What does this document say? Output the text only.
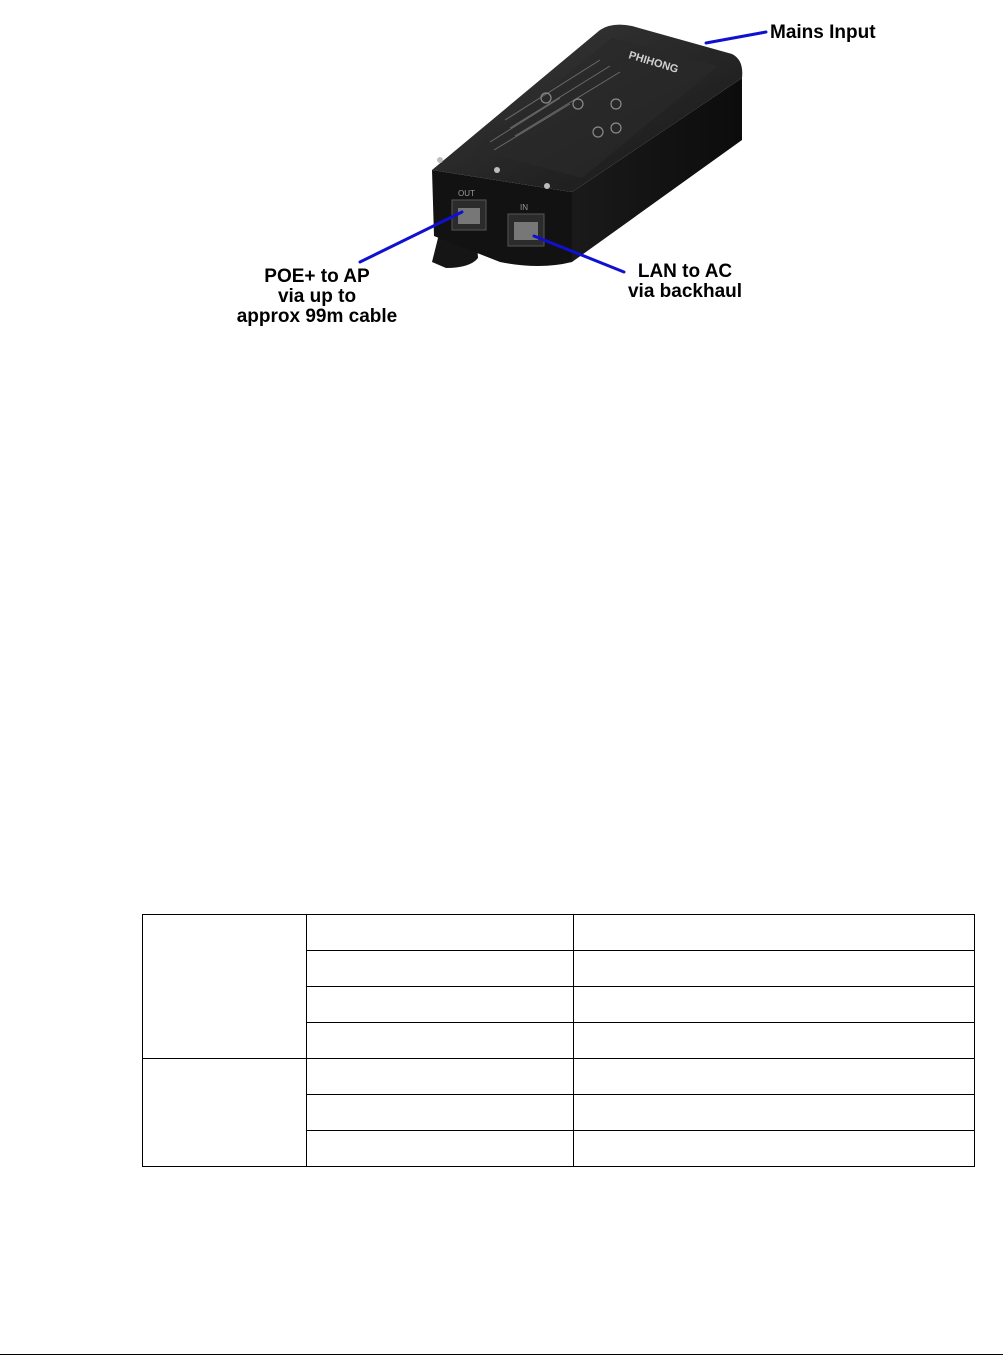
PHIHONG
OUT
IN
Mains Input
POE+ to AP
via up to
approx 99m cable
LAN to AC
via backhaul
